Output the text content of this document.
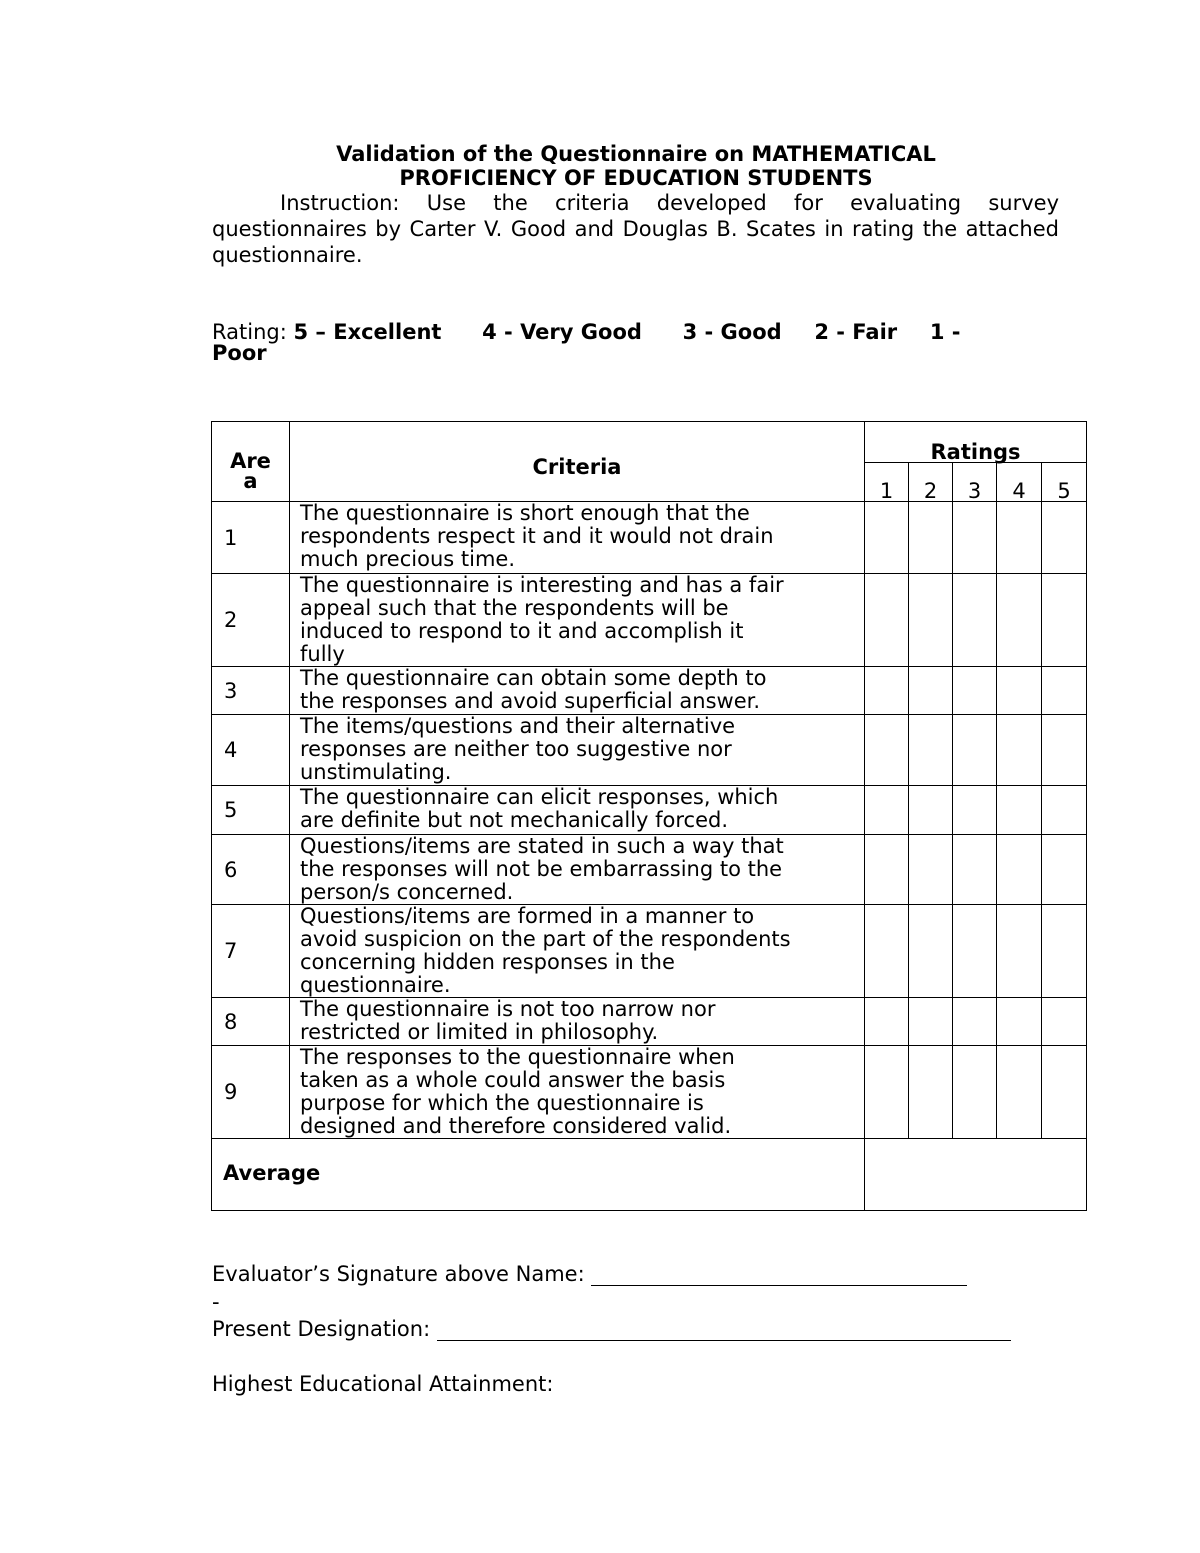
Validation of the Questionnaire on MATHEMATICAL
PROFICIENCY OF EDUCATION STUDENTS
Instruction: Use the criteria developed for evaluating survey questionnaires by Carter V. Good and Douglas B. Scates in rating the attached questionnaire.
Rating: 5 – Excellent 4 - Very Good 3 - Good 2 - Fair 1 -
Poor
Are
a	Criteria	Ratings				
		1	2	3	4	5
1	The questionnaire is short enough that the
respondents respect it and it would not drain
much precious time.					

2	The questionnaire is interesting and has a fair
appeal such that the respondents will be
induced to respond to it and accomplish it
fully					

3	The questionnaire can obtain some depth to
the responses and avoid superficial answer.					

4	The items/questions and their alternative
responses are neither too suggestive nor
unstimulating.					

5	The questionnaire can elicit responses, which
are definite but not mechanically forced.					

6	Questions/items are stated in such a way that
the responses will not be embarrassing to the
person/s concerned.					

7	Questions/items are formed in a manner to
avoid suspicion on the part of the respondents
concerning hidden responses in the
questionnaire.					

8	The questionnaire is not too narrow nor
restricted or limited in philosophy.					

9	The responses to the questionnaire when
taken as a whole could answer the basis
purpose for which the questionnaire is
designed and therefore considered valid.					

Average						
Evaluator’s Signature above Name:
-
Present Designation:
Highest Educational Attainment:
